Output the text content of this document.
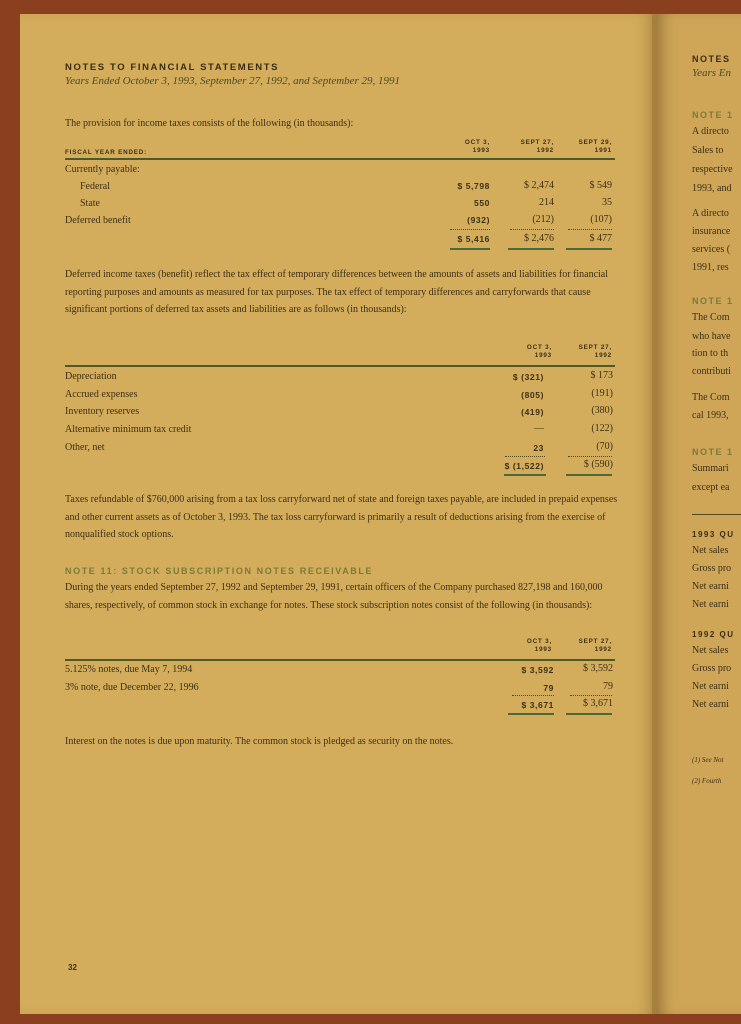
NOTES TO FINANCIAL STATEMENTS
Years Ended October 3, 1993, September 27, 1992, and September 29, 1991
The provision for income taxes consists of the following (in thousands):
OCT 3,
1993
SEPT 27,
1992
SEPT 29,
1991
FISCAL YEAR ENDED:
Currently payable:
Federal	$ 5,798	$ 2,474	$ 549
State	550	214	35
Deferred benefit	(932)	(212)	(107)
$ 5,416	$ 2,476	$ 477
Deferred income taxes (benefit) reflect the tax effect of temporary differences between the amounts of assets and liabilities for financial reporting purposes and amounts as measured for tax purposes. The tax effect of temporary differences and carryforwards that cause significant portions of deferred tax assets and liabilities are as follows (in thousands):
OCT 3,
1993
SEPT 27,
1992
Depreciation	$ (321)	$ 173
Accrued expenses	(805)	(191)
Inventory reserves	(419)	(380)
Alternative minimum tax credit	—	(122)
Other, net	23	(70)
$ (1,522)	$ (590)
Taxes refundable of $760,000 arising from a tax loss carryforward net of state and foreign taxes payable, are included in prepaid expenses and other current assets as of October 3, 1993. The tax loss carryforward is primarily a result of deductions arising from the exercise of nonqualified stock options.
NOTE 11: STOCK SUBSCRIPTION NOTES RECEIVABLE
During the years ended September 27, 1992 and September 29, 1991, certain officers of the Company purchased 827,198 and 160,000 shares, respectively, of common stock in exchange for notes. These stock subscription notes consist of the following (in thousands):
OCT 3,
1993
SEPT 27,
1992
5.125% notes, due May 7, 1994	$ 3,592	$ 3,592
3% note, due December 22, 1996	79	79
$ 3,671	$ 3,671
Interest on the notes is due upon maturity. The common stock is pledged as security on the notes.
32
NOTES
Years En
NOTE 1
A directo
Sales to
respective
1993, and
A directo
insurance
services (
1991, res
NOTE 1
The Com
who have
tion to th
contributi
The Com
cal 1993,
NOTE 1
Summari
except ea
1993 QU
Net sales
Gross pro
Net earni
Net earni
1992 QU
Net sales
Gross pro
Net earni
Net earni
(1) See Not
(2) Fourth
